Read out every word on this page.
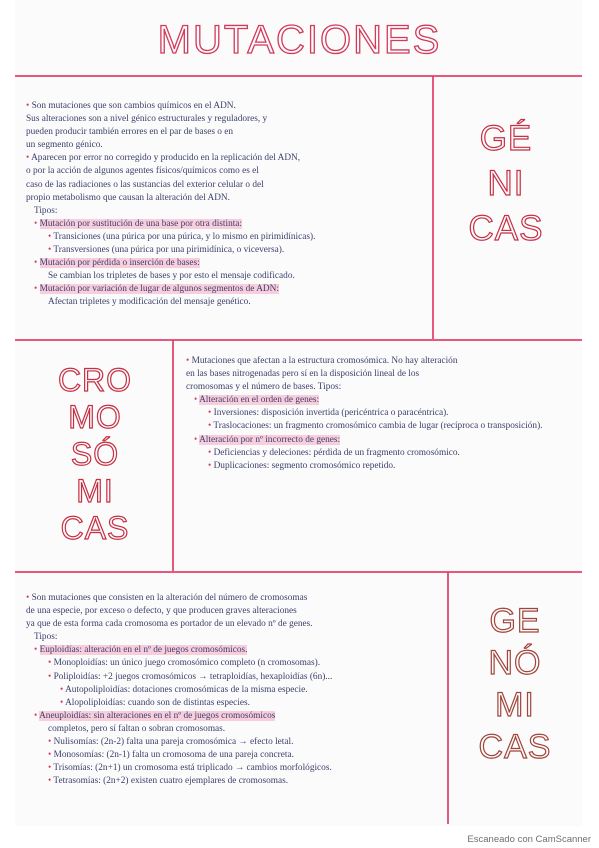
MUTACIONES

• Son mutaciones que son cambios químicos en el ADN.

Sus alteraciones son a nivel génico estructurales y reguladores, y

pueden producir también errores en el par de bases o en

un segmento génico.

• Aparecen por error no corregido y producido en la replicación del ADN,

o por la acción de algunos agentes físicos/químicos como es el

caso de las radiaciones o las sustancias del exterior celular o del

propio metabolismo que causan la alteración del ADN.

Tipos:

• Mutación por sustitución de una base por otra distinta:

• Transiciones (una púrica por una púrica, y lo mismo en pirimidínicas).

• Transversiones (una púrica por una pirimidínica, o viceversa).

• Mutación por pérdida o inserción de bases:

Se cambian los tripletes de bases y por esto el mensaje codificado.

• Mutación por variación de lugar de algunos segmentos de ADN:

Afectan tripletes y modificación del mensaje genético.

GÉ
NI
CAS
CRO
MO
SÓ
MI
CAS

• Mutaciones que afectan a la estructura cromosómica. No hay alteración

en las bases nitrogenadas pero sí en la disposición lineal de los

cromosomas y el número de bases. Tipos:

• Alteración en el orden de genes:

• Inversiones: disposición invertida (pericéntrica o paracéntrica).

• Traslocaciones: un fragmento cromosómico cambia de lugar (recíproca o transposición).

• Alteración por nº incorrecto de genes:

• Deficiencias y deleciones: pérdida de un fragmento cromosómico.

• Duplicaciones: segmento cromosómico repetido.

• Son mutaciones que consisten en la alteración del número de cromosomas

de una especie, por exceso o defecto, y que producen graves alteraciones

ya que de esta forma cada cromosoma es portador de un elevado nº de genes.

Tipos:

• Euploidías: alteración en el nº de juegos cromosómicos.

• Monoploidías: un único juego cromosómico completo (n cromosomas).

• Poliploidías: +2 juegos cromosómicos → tetraploidías, hexaploidías (6n)...

• Autopoliploidías: dotaciones cromosómicas de la misma especie.

• Alopoliploidías: cuando son de distintas especies.

• Aneuploidías: sin alteraciones en el nº de juegos cromosómicos

completos, pero sí faltan o sobran cromosomas.

• Nulisomías: (2n-2) falta una pareja cromosómica → efecto letal.

• Monosomías: (2n-1) falta un cromosoma de una pareja concreta.

• Trisomías: (2n+1) un cromosoma está triplicado → cambios morfológicos.

• Tetrasomías: (2n+2) existen cuatro ejemplares de cromosomas.

GE
NÓ
MI
CAS
Escaneado con CamScanner
